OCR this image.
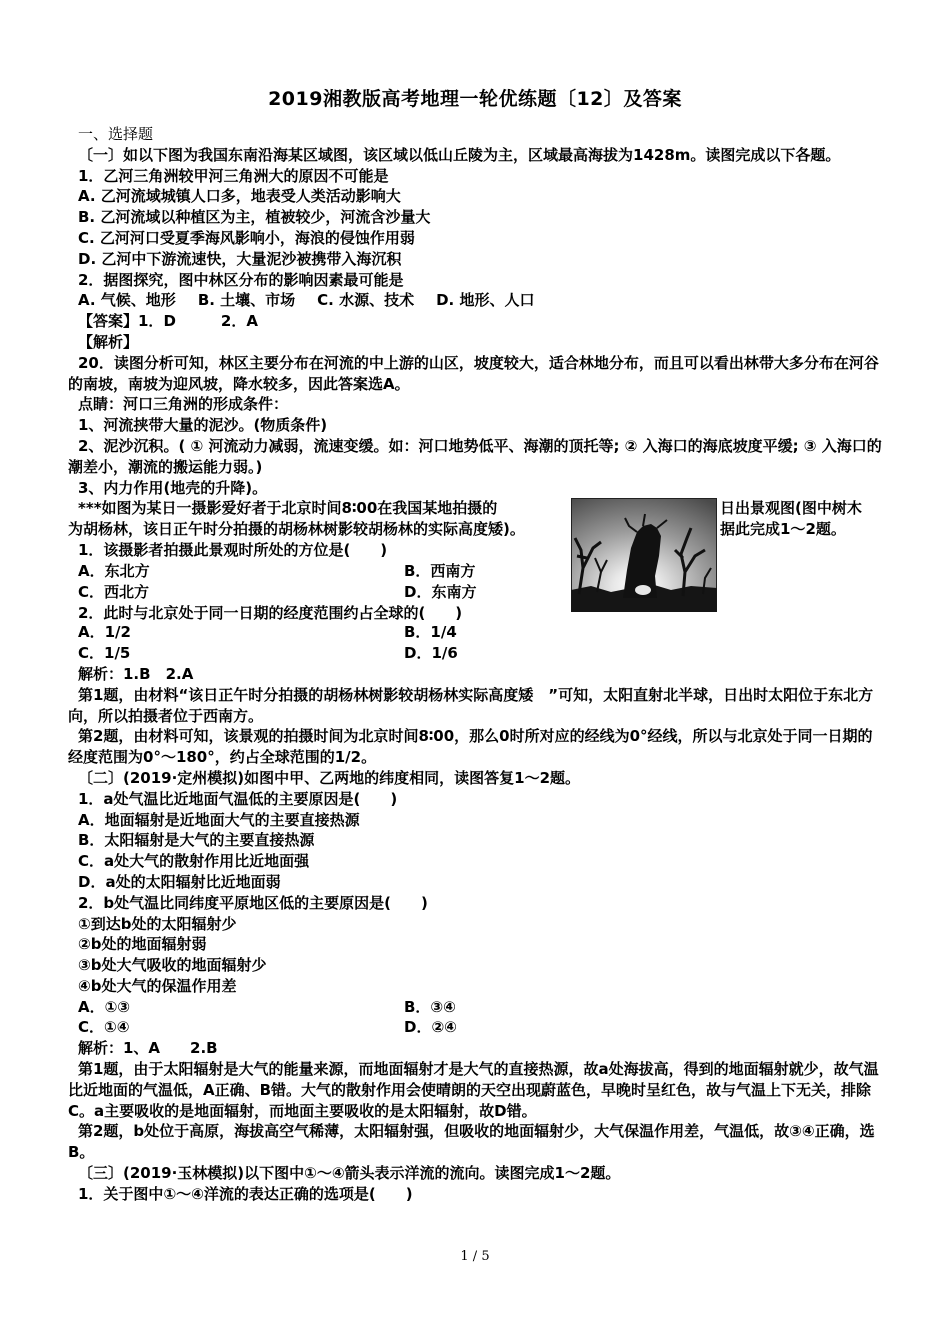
2019湘教版高考地理一轮优练题〔12〕及答案

一、选择题

〔一〕如以下图为我国东南沿海某区域图，该区域以低山丘陵为主，区域最高海拔为1428m。读图完成以下各题。

1．乙河三角洲较甲河三角洲大的原因不可能是

A. 乙河流域城镇人口多，地表受人类活动影响大

B. 乙河流域以种植区为主，植被较少，河流含沙量大

C. 乙河河口受夏季海风影响小，海浪的侵蚀作用弱

D. 乙河中下游流速快，大量泥沙被携带入海沉积

2．据图探究，图中林区分布的影响因素最可能是

A. 气候、地形 B. 土壤、市场 C. 水源、技术 D. 地形、人口

【答案】1．D　　　2．A

【解析】

20．读图分析可知，林区主要分布在河流的中上游的山区，坡度较大，适合林地分布，而且可以看出林带大多分布在河谷的南坡，南坡为迎风坡，降水较多，因此答案选A。

点睛：河口三角洲的形成条件：

1、河流挟带大量的泥沙。(物质条件)

2、泥沙沉积。( ① 河流动力减弱，流速变缓。如：河口地势低平、海潮的顶托等; ② 入海口的海底坡度平缓; ③ 入海口的潮差小，潮流的搬运能力弱。)

3、内力作用(地壳的升降)。

***如图为某日一摄影爱好者于北京时间8∶00在我国某地拍摄的	日出景观图(图中树木
为胡杨林，该日正午时分拍摄的胡杨林树影较胡杨林的实际高度矮)。	据此完成1～2题。
1．该摄影者拍摄此景观时所处的方位是(　　)
A．东北方	B．西南方
C．西北方	D．东南方
2．此时与北京处于同一日期的经度范围约占全球的(　　)
A．1/2	B．1/4
C．1/5	D．1/6

解析：1.B　2.A

第1题，由材料“该日正午时分拍摄的胡杨林树影较胡杨林实际高度矮　”可知，太阳直射北半球，日出时太阳位于东北方向，所以拍摄者位于西南方。

第2题，由材料可知，该景观的拍摄时间为北京时间8∶00，那么0时所对应的经线为0°经线，所以与北京处于同一日期的经度范围为0°～180°，约占全球范围的1/2。

〔二〕(2019·定州模拟)如图中甲、乙两地的纬度相同，读图答复1～2题。

1．a处气温比近地面气温低的主要原因是(　　)

A．地面辐射是近地面大气的主要直接热源

B．太阳辐射是大气的主要直接热源

C．a处大气的散射作用比近地面强

D．a处的太阳辐射比近地面弱

2．b处气温比同纬度平原地区低的主要原因是(　　)

①到达b处的太阳辐射少

②b处的地面辐射弱

③b处大气吸收的地面辐射少

④b处大气的保温作用差

A．①③	B．③④
C．①④	D．②④

解析：1、A　　2.B

第1题，由于太阳辐射是大气的能量来源，而地面辐射才是大气的直接热源，故a处海拔高，得到的地面辐射就少，故气温比近地面的气温低，A正确、B错。大气的散射作用会使晴朗的天空出现蔚蓝色，早晚时呈红色，故与气温上下无关，排除C。a主要吸收的是地面辐射，而地面主要吸收的是太阳辐射，故D错。

第2题，b处位于高原，海拔高空气稀薄，太阳辐射强，但吸收的地面辐射少，大气保温作用差，气温低，故③④正确，选B。

〔三〕(2019·玉林模拟)以下图中①～④箭头表示洋流的流向。读图完成1～2题。

1．关于图中①～④洋流的表达正确的选项是(　　)

1 / 5
